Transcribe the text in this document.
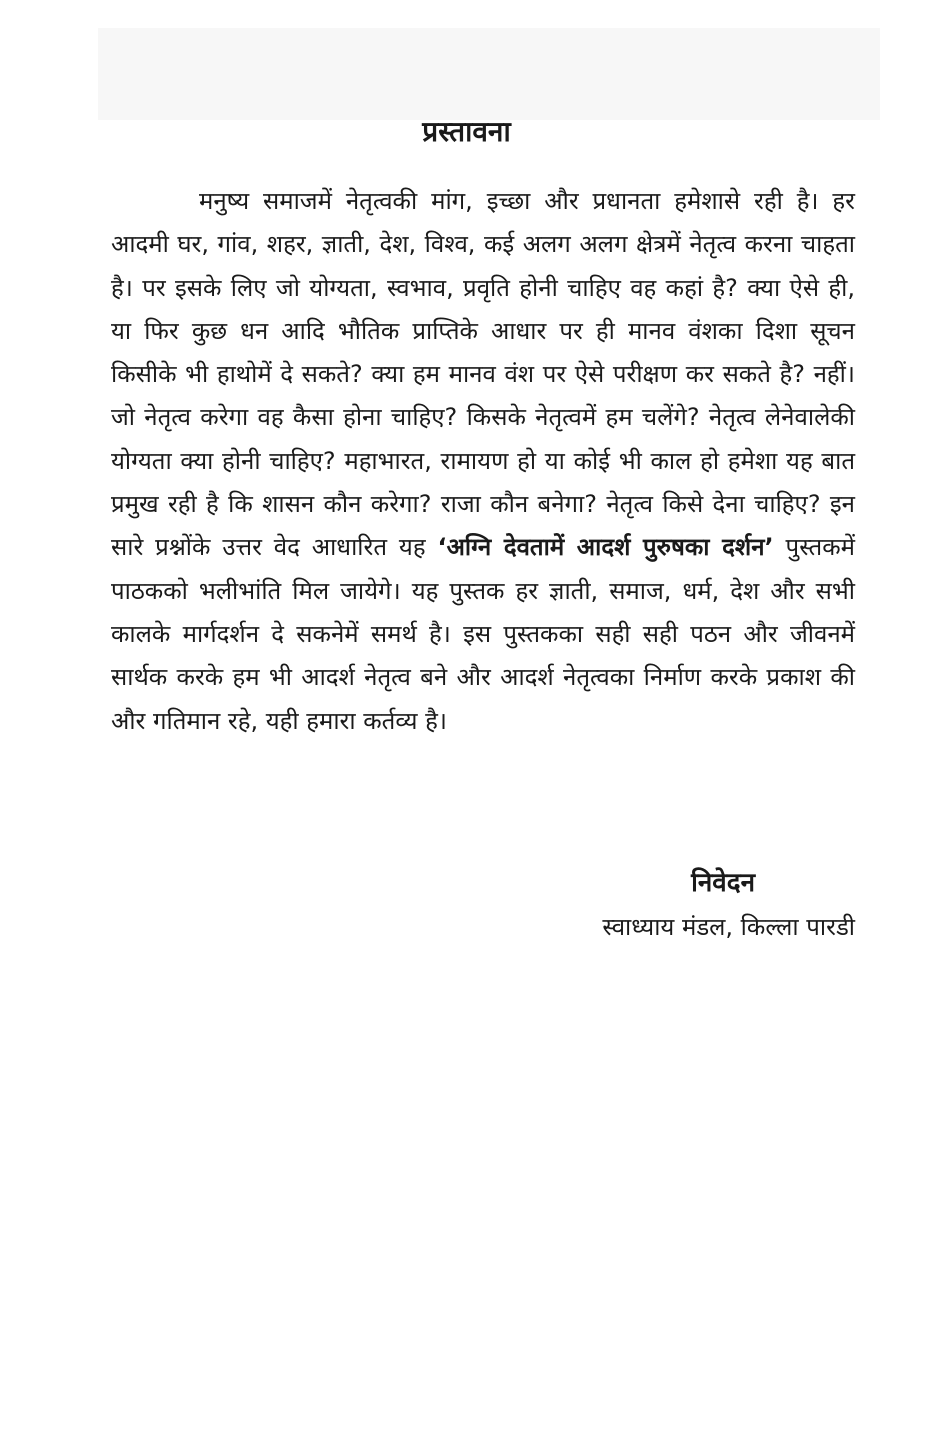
प्रस्तावना

मनुष्य समाजमें नेतृत्वकी मांग, इच्छा और प्रधानता हमेशासे रही है। हर आदमी घर, गांव, शहर, ज्ञाती, देश, विश्व, कई अलग अलग क्षेत्रमें नेतृत्व करना चाहता है। पर इसके लिए जो योग्यता, स्वभाव, प्रवृति होनी चाहिए वह कहां है? क्या ऐसे ही, या फिर कुछ धन आदि भौतिक प्राप्तिके आधार पर ही मानव वंशका दिशा सूचन किसीके भी हाथोमें दे सकते? क्या हम मानव वंश पर ऐसे परीक्षण कर सकते है? नहीं। जो नेतृत्व करेगा वह कैसा होना चाहिए? किसके नेतृत्वमें हम चलेंगे? नेतृत्व लेनेवालेकी योग्यता क्या होनी चाहिए? महाभारत, रामायण हो या कोई भी काल हो हमेशा यह बात प्रमुख रही है कि शासन कौन करेगा? राजा कौन बनेगा? नेतृत्व किसे देना चाहिए? इन सारे प्रश्नोंके उत्तर वेद आधारित यह ‘अग्नि देवतामें आदर्श पुरुषका दर्शन’ पुस्तकमें पाठकको भलीभांति मिल जायेगे। यह पुस्तक हर ज्ञाती, समाज, धर्म, देश और सभी कालके मार्गदर्शन दे सकनेमें समर्थ है। इस पुस्तकका सही सही पठन और जीवनमें सार्थक करके हम भी आदर्श नेतृत्व बने और आदर्श नेतृत्वका निर्माण करके प्रकाश की और गतिमान रहे, यही हमारा कर्तव्य है।

निवेदन
स्वाध्याय मंडल, किल्ला पारडी
